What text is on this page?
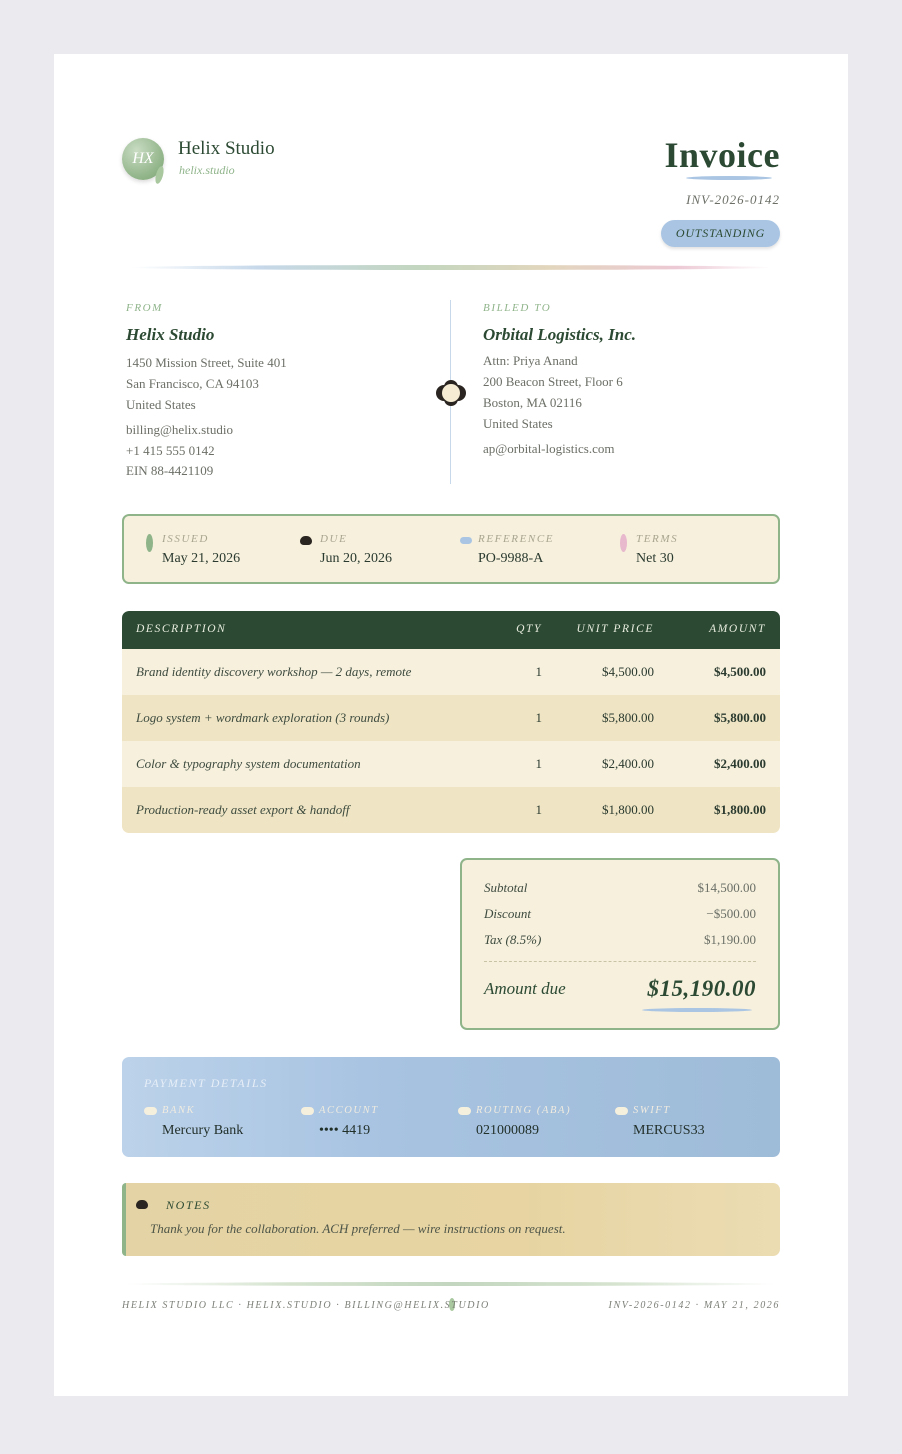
HX	Helix Studio
helix.studio	Invoice
INV-2026-0142
OUTSTANDING
FROM
Helix Studio
1450 Mission Street, Suite 401
San Francisco, CA 94103
United States
billing@helix.studio
+1 415 555 0142
EIN 88-4421109
BILLED TO
Orbital Logistics, Inc.
Attn: Priya Anand
200 Beacon Street, Floor 6
Boston, MA 02116
United States
ap@orbital-logistics.com
ISSUED
May 21, 2026
DUE
Jun 20, 2026
REFERENCE
PO-9988-A
TERMS
Net 30
DESCRIPTION	QTY	UNIT PRICE	AMOUNT
Brand identity discovery workshop — 2 days, remote	1	$4,500.00	$4,500.00
Logo system + wordmark exploration (3 rounds)	1	$5,800.00	$5,800.00
Color & typography system documentation	1	$2,400.00	$2,400.00
Production-ready asset export & handoff	1	$1,800.00	$1,800.00
Subtotal	$14,500.00
Discount	−$500.00
Tax (8.5%)	$1,190.00
Amount due	$15,190.00
PAYMENT DETAILS
BANK
Mercury Bank
ACCOUNT
•••• 4419
ROUTING (ABA)
021000089
SWIFT
MERCUS33
NOTES
Thank you for the collaboration. ACH preferred — wire instructions on request.
HELIX STUDIO LLC · HELIX.STUDIO · BILLING@HELIX.STUDIO	INV-2026-0142 · MAY 21, 2026
